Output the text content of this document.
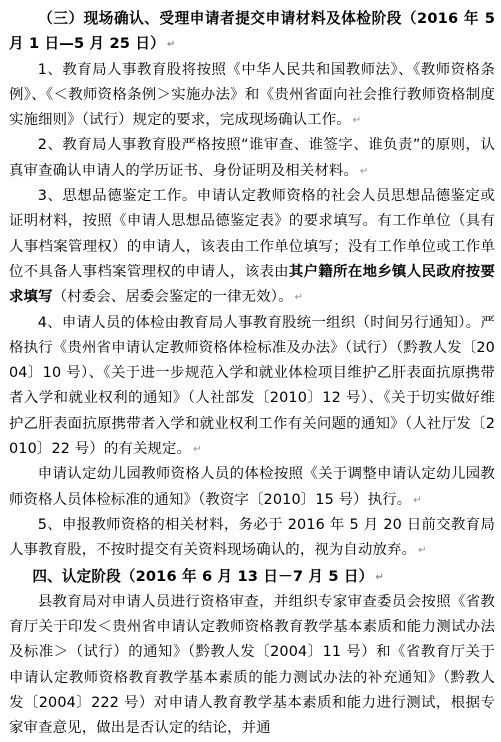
（三）现场确认、受理申请者提交申请材料及体检阶段（2016 年 5 月 1 日—5 月 25 日） ↵

1、教育局人事教育股将按照《中华人民共和国教师法》、《教师资格条例》、《＜教师资格条例＞实施办法》和《贵州省面向社会推行教师资格制度实施细则》（试行）规定的要求，完成现场确认工作。 ↵

2、教育局人事教育股严格按照“谁审查、谁签字、谁负责”的原则，认真审查确认申请人的学历证书、身份证明及相关材料。 ↵

3、思想品德鉴定工作。申请认定教师资格的社会人员思想品德鉴定或证明材料，按照《申请人思想品德鉴定表》的要求填写。有工作单位（具有人事档案管理权）的申请人，该表由工作单位填写；没有工作单位或工作单位不具备人事档案管理权的申请人，该表由其户籍所在地乡镇人民政府按要求填写（村委会、居委会鉴定的一律无效）。 ↵

4、申请人员的体检由教育局人事教育股统一组织（时间另行通知）。严格执行《贵州省申请认定教师资格体检标准及办法》（试行）（黔教人发〔2004〕10 号）、《关于进一步规范入学和就业体检项目维护乙肝表面抗原携带者入学和就业权利的通知》（人社部发〔2010〕12 号）、《关于切实做好维护乙肝表面抗原携带者入学和就业权利工作有关问题的通知》（人社厅发〔2010〕22 号）的有关规定。 ↵

申请认定幼儿园教师资格人员的体检按照《关于调整申请认定幼儿园教师资格人员体检标准的通知》（教资字〔2010〕15 号）执行。 ↵

5、申报教师资格的相关材料，务必于 2016 年 5 月 20 日前交教育局人事教育股，不按时提交有关资料现场确认的，视为自动放弃。 ↵

四、认定阶段（2016 年 6 月 13 日－7 月 5 日） ↵

县教育局对申请人员进行资格审查，并组织专家审查委员会按照《省教育厅关于印发＜贵州省申请认定教师资格教育教学基本素质和能力测试办法及标准＞（试行）的通知》（黔教人发〔2004〕11 号）和《省教育厅关于申请认定教师资格教育教学基本素质的能力测试办法的补充通知》（黔教人发〔2004〕222 号）对申请人教育教学基本素质和能力进行测试，根据专家审查意见，做出是否认定的结论，并通
